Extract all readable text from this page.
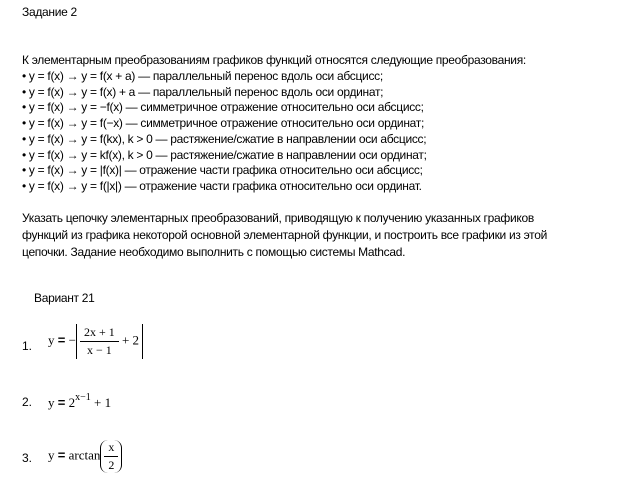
Задание 2
К элементарным преобразованиям графиков функций относятся следующие преобразования:
• y = f(x) → y = f(x + a) — параллельный перенос вдоль оси абсцисс;
• y = f(x) → y = f(x) + a — параллельный перенос вдоль оси ординат;
• y = f(x) → y = −f(x) — симметричное отражение относительно оси абсцисс;
• y = f(x) → y = f(−x) — симметричное отражение относительно оси ординат;
• y = f(x) → y = f(kx), k > 0 — растяжение/сжатие в направлении оси абсцисс;
• y = f(x) → y = kf(x), k > 0 — растяжение/сжатие в направлении оси ординат;
• y = f(x) → y = |f(x)| — отражение части графика относительно оси абсцисс;
• y = f(x) → y = f(|x|) — отражение части графика относительно оси ординат.
Указать цепочку элементарных преобразований, приводящую к получению указанных графиков функций из графика некоторой основной элементарной функции, и построить все графики из этой цепочки. Задание необходимо выполнить с помощью системы Mathcad.
Вариант 21
1. y = − $\frac{2x + 1}{x - 1} + 2$
2. $y = 2^{x-1} + 1$
3. $y = \arctan \frac{x}{2}$
